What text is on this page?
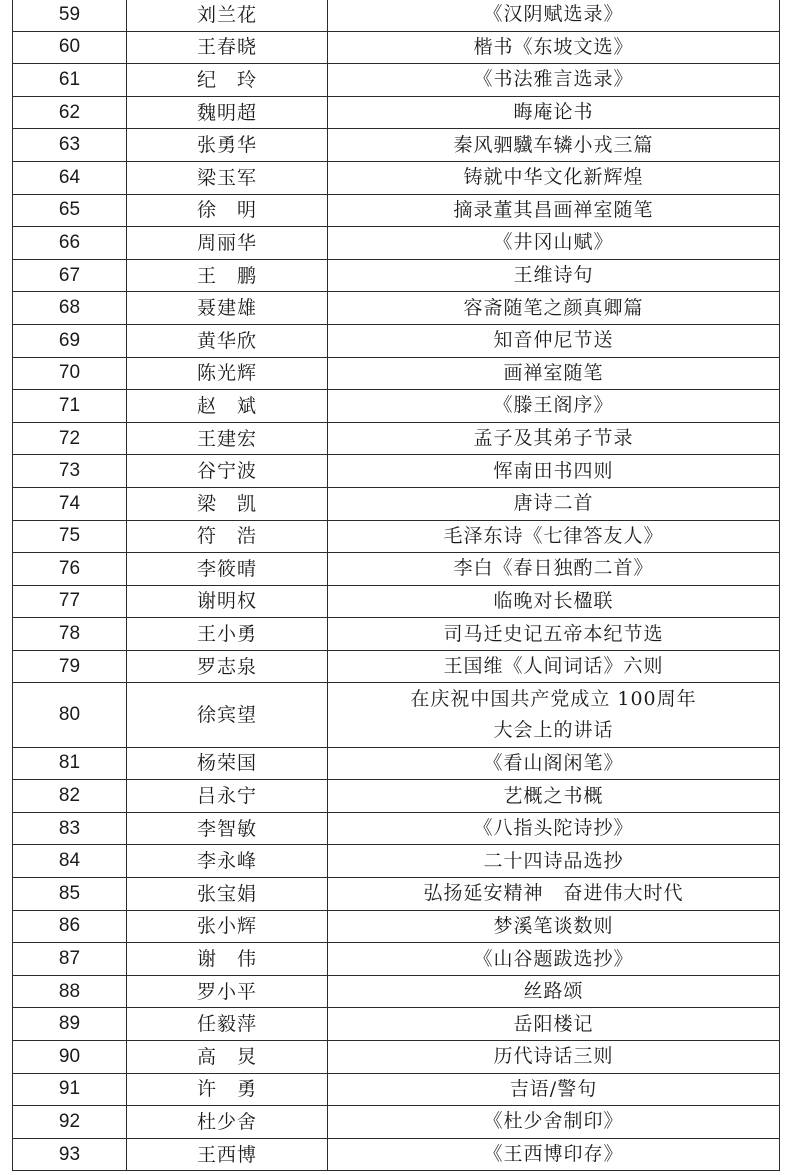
59	刘兰花	《汉阴赋选录》

60	王春晓	楷书《东坡文选》

61	纪　玲	《书法雅言选录》

62	魏明超	晦庵论书

63	张勇华	秦风驷驖车辚小戎三篇

64	梁玉军	铸就中华文化新辉煌

65	徐　明	摘录董其昌画禅室随笔

66	周丽华	《井冈山赋》

67	王　鹏	王维诗句

68	聂建雄	容斋随笔之颜真卿篇

69	黄华欣	知音仲尼节送

70	陈光辉	画禅室随笔

71	赵　斌	《滕王阁序》

72	王建宏	孟子及其弟子节录

73	谷宁波	恽南田书四则

74	梁　凯	唐诗二首

75	符　浩	毛泽东诗《七律答友人》

76	李筱晴	李白《春日独酌二首》

77	谢明权	临晚对长楹联

78	王小勇	司马迁史记五帝本纪节选

79	罗志泉	王国维《人间词话》六则

80	徐宾望	在庆祝中国共产党成立 100周年
大会上的讲话

81	杨荣国	《看山阁闲笔》

82	吕永宁	艺概之书概

83	李智敏	《八指头陀诗抄》

84	李永峰	二十四诗品选抄

85	张宝娟	弘扬延安精神　奋进伟大时代

86	张小辉	梦溪笔谈数则

87	谢　伟	《山谷题跋选抄》

88	罗小平	丝路颂

89	任毅萍	岳阳楼记

90	高　炅	历代诗话三则

91	许　勇	吉语/警句

92	杜少舍	《杜少舍制印》

93	王西博	《王西博印存》
